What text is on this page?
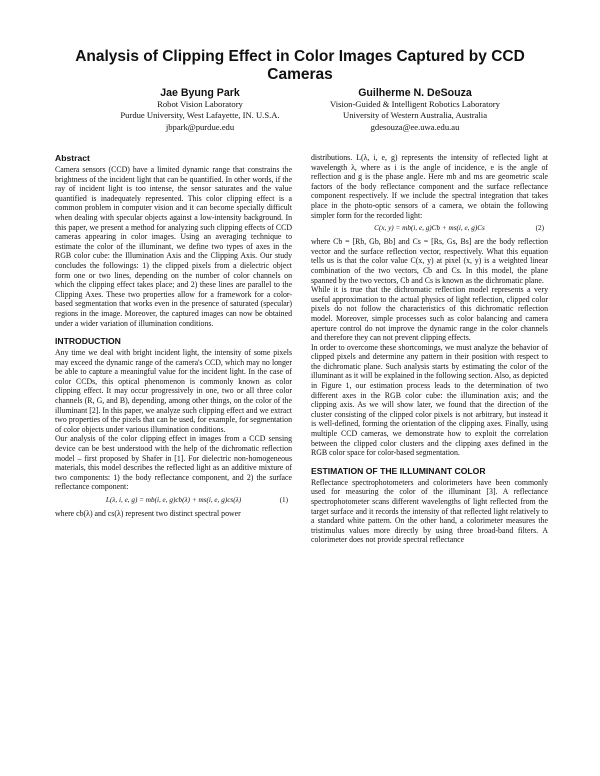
Analysis of Clipping Effect in Color Images Captured by CCD Cameras
Jae Byung Park
Robot Vision Laboratory
Purdue University, West Lafayette, IN. U.S.A.
jbpark@purdue.edu
Guilherme N. DeSouza
Vision-Guided & Intelligent Robotics Laboratory
University of Western Australia, Australia
gdesouza@ee.uwa.edu.au
Abstract

Camera sensors (CCD) have a limited dynamic range that constrains the brightness of the incident light that can be quantified. In other words, if the ray of incident light is too intense, the sensor saturates and the value quantified is inadequately represented. This color clipping effect is a common problem in computer vision and it can become specially difficult when dealing with specular objects against a low-intensity background. In this paper, we present a method for analyzing such clipping effects of CCD cameras appearing in color images. Using an averaging technique to estimate the color of the illuminant, we define two types of axes in the RGB color cube: the Illumination Axis and the Clipping Axis. Our study concludes the followings: 1) the clipped pixels from a dielectric object form one or two lines, depending on the number of color channels on which the clipping effect takes place; and 2) these lines are parallel to the Clipping Axes. These two properties allow for a framework for a color-based segmentation that works even in the presence of saturated (specular) regions in the image. Moreover, the captured images can now be obtained under a wider variation of illumination conditions.

INTRODUCTION

Any time we deal with bright incident light, the intensity of some pixels may exceed the dynamic range of the camera's CCD, which may no longer be able to capture a meaningful value for the incident light. In the case of color CCDs, this optical phenomenon is commonly known as color clipping effect. It may occur progressively in one, two or all three color channels (R, G, and B), depending, among other things, on the color of the illuminant [2]. In this paper, we analyze such clipping effect and we extract two properties of the pixels that can be used, for example, for segmentation of color objects under various illumination conditions.

Our analysis of the color clipping effect in images from a CCD sensing device can be best understood with the help of the dichromatic reflection model – first proposed by Shafer in [1]. For dielectric non-homogeneous materials, this model describes the reflected light as an additive mixture of two components: 1) the body reflectance component, and 2) the surface reflectance component:

L(λ, i, e, g) = mb(i, e, g)cb(λ) + ms(i, e, g)cs(λ)	(1)

where cb(λ) and cs(λ) represent two distinct spectral power

distributions. L(λ, i, e, g) represents the intensity of reflected light at wavelength λ, where as i is the angle of incidence, e is the angle of reflection and g is the phase angle. Here mb and ms are geometric scale factors of the body reflectance component and the surface reflectance component respectively. If we include the spectral integration that takes place in the photo-optic sensors of a camera, we obtain the following simpler form for the recorded light:

C(x, y) = mb(i, e, g)Cb + ms(i, e, g)Cs	(2)

where Cb = [Rb, Gb, Bb] and Cs = [Rs, Gs, Bs] are the body reflection vector and the surface reflection vector, respectively. What this equation tells us is that the color value C(x, y) at pixel (x, y) is a weighted linear combination of the two vectors, Cb and Cs. In this model, the plane spanned by the two vectors, Cb and Cs is known as the dichromatic plane.

While it is true that the dichromatic reflection model represents a very useful approximation to the actual physics of light reflection, clipped color pixels do not follow the characteristics of this dichromatic reflection model. Moreover, simple processes such as color balancing and camera aperture control do not improve the dynamic range in the color channels and therefore they can not prevent clipping effects.

In order to overcome these shortcomings, we must analyze the behavior of clipped pixels and determine any pattern in their position with respect to the dichromatic plane. Such analysis starts by estimating the color of the illuminant as it will be explained in the following section. Also, as depicted in Figure 1, our estimation process leads to the determination of two different axes in the RGB color cube: the illumination axis; and the clipping axis. As we will show later, we found that the direction of the cluster consisting of the clipped color pixels is not arbitrary, but instead it is well-defined, forming the orientation of the clipping axes. Finally, using multiple CCD cameras, we demonstrate how to exploit the correlation between the clipped color clusters and the clipping axes defined in the RGB color space for color-based segmentation.

ESTIMATION OF THE ILLUMINANT COLOR

Reflectance spectrophotometers and colorimeters have been commonly used for measuring the color of the illuminant [3]. A reflectance spectrophotometer scans different wavelengths of light reflected from the target surface and it records the intensity of that reflected light relatively to a standard white pattern. On the other hand, a colorimeter measures the tristimulus values more directly by using three broad-band filters. A colorimeter does not provide spectral reflectance
